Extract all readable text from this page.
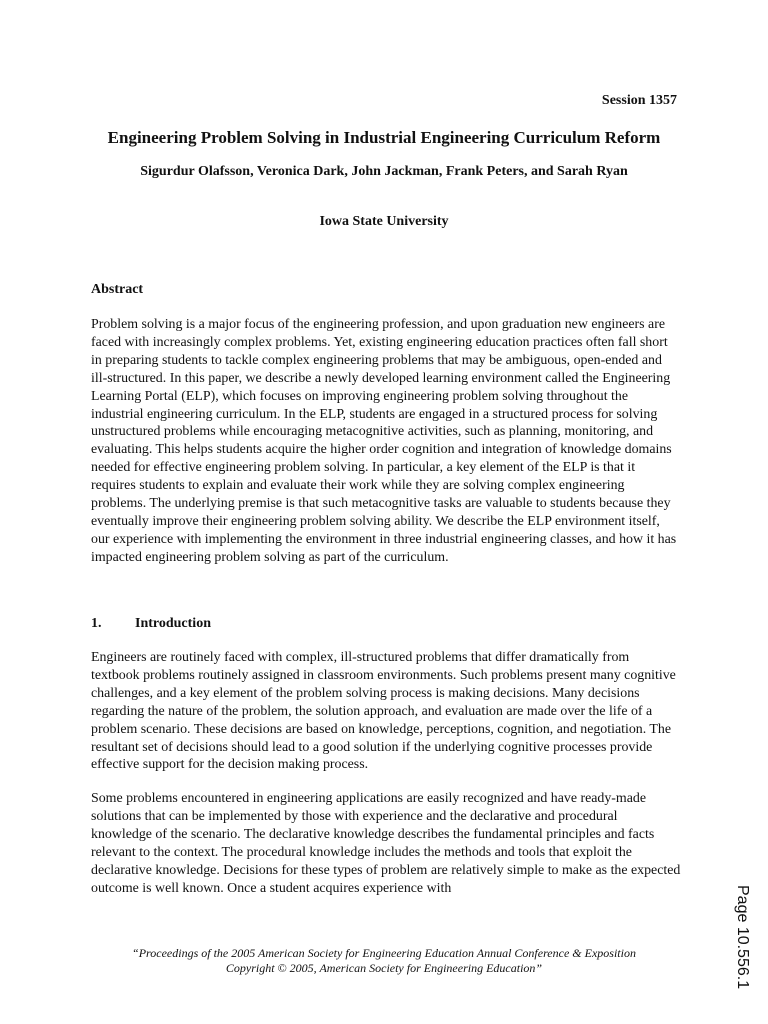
Session 1357
Engineering Problem Solving in Industrial Engineering Curriculum Reform
Sigurdur Olafsson, Veronica Dark, John Jackman, Frank Peters, and Sarah Ryan
Iowa State University
Abstract

Problem solving is a major focus of the engineering profession, and upon graduation new engineers are faced with increasingly complex problems. Yet, existing engineering education practices often fall short in preparing students to tackle complex engineering problems that may be ambiguous, open-ended and ill-structured. In this paper, we describe a newly developed learning environment called the Engineering Learning Portal (ELP), which focuses on improving engineering problem solving throughout the industrial engineering curriculum. In the ELP, students are engaged in a structured process for solving unstructured problems while encouraging metacognitive activities, such as planning, monitoring, and evaluating. This helps students acquire the higher order cognition and integration of knowledge domains needed for effective engineering problem solving. In particular, a key element of the ELP is that it requires students to explain and evaluate their work while they are solving complex engineering problems. The underlying premise is that such metacognitive tasks are valuable to students because they eventually improve their engineering problem solving ability. We describe the ELP environment itself, our experience with implementing the environment in three industrial engineering classes, and how it has impacted engineering problem solving as part of the curriculum.

1. Introduction

Engineers are routinely faced with complex, ill-structured problems that differ dramatically from textbook problems routinely assigned in classroom environments. Such problems present many cognitive challenges, and a key element of the problem solving process is making decisions. Many decisions regarding the nature of the problem, the solution approach, and evaluation are made over the life of a problem scenario. These decisions are based on knowledge, perceptions, cognition, and negotiation. The resultant set of decisions should lead to a good solution if the underlying cognitive processes provide effective support for the decision making process.

Some problems encountered in engineering applications are easily recognized and have ready-made solutions that can be implemented by those with experience and the declarative and procedural knowledge of the scenario. The declarative knowledge describes the fundamental principles and facts relevant to the context. The procedural knowledge includes the methods and tools that exploit the declarative knowledge. Decisions for these types of problem are relatively simple to make as the expected outcome is well known. Once a student acquires experience with

“Proceedings of the 2005 American Society for Engineering Education Annual Conference & Exposition
Copyright © 2005, American Society for Engineering Education”	Page 10.556.1
